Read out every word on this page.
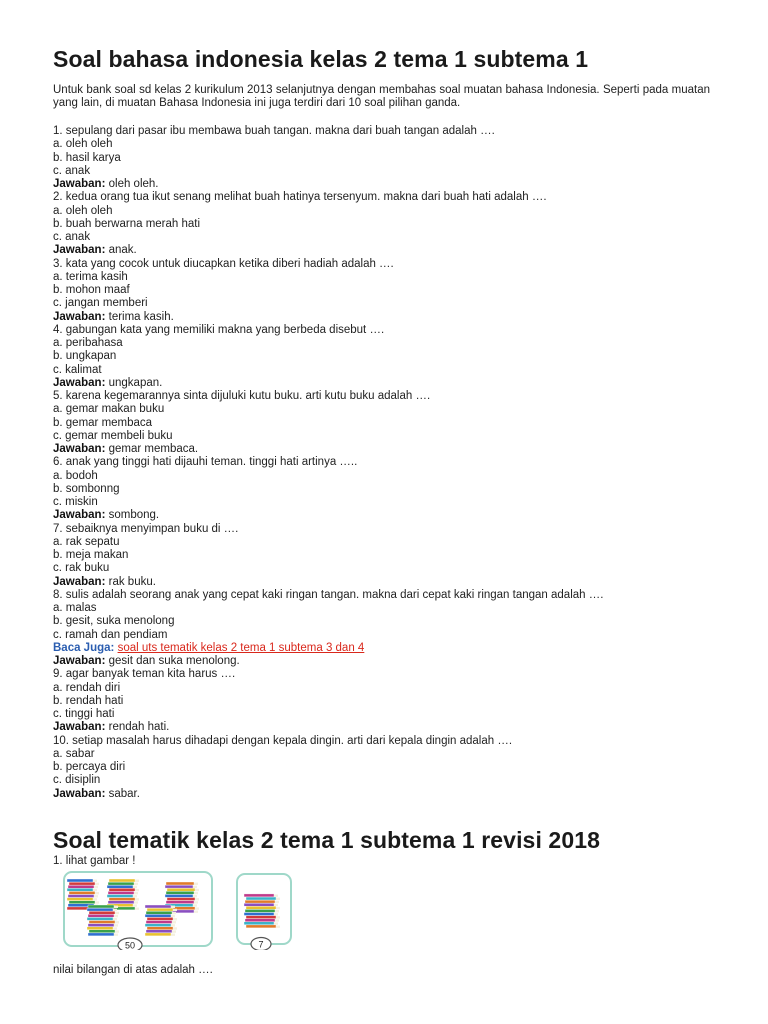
Soal bahasa indonesia kelas 2 tema 1 subtema 1

Untuk bank soal sd kelas 2 kurikulum 2013 selanjutnya dengan membahas soal muatan bahasa Indonesia. Seperti pada muatan yang lain, di muatan Bahasa Indonesia ini juga terdiri dari 10 soal pilihan ganda.

1. sepulang dari pasar ibu membawa buah tangan. makna dari buah tangan adalah ….
a. oleh oleh
b. hasil karya
c. anak
Jawaban: oleh oleh.
2. kedua orang tua ikut senang melihat buah hatinya tersenyum. makna dari buah hati adalah ….
a. oleh oleh
b. buah berwarna merah hati
c. anak
Jawaban: anak.
3. kata yang cocok untuk diucapkan ketika diberi hadiah adalah ….
a. terima kasih
b. mohon maaf
c. jangan memberi
Jawaban: terima kasih.
4. gabungan kata yang memiliki makna yang berbeda disebut ….
a. peribahasa
b. ungkapan
c. kalimat
Jawaban: ungkapan.
5. karena kegemarannya sinta dijuluki kutu buku. arti kutu buku adalah ….
a. gemar makan buku
b. gemar membaca
c. gemar membeli buku
Jawaban: gemar membaca.
6. anak yang tinggi hati dijauhi teman. tinggi hati artinya …..
a. bodoh
b. sombonng
c. miskin
Jawaban: sombong.
7. sebaiknya menyimpan buku di ….
a. rak sepatu
b. meja makan
c. rak buku
Jawaban: rak buku.
8. sulis adalah seorang anak yang cepat kaki ringan tangan. makna dari cepat kaki ringan tangan adalah ….
a. malas
b. gesit, suka menolong
c. ramah dan pendiam
Baca Juga: soal uts tematik kelas 2 tema 1 subtema 3 dan 4
Jawaban: gesit dan suka menolong.
9. agar banyak teman kita harus ….
a. rendah diri
b. rendah hati
c. tinggi hati
Jawaban: rendah hati.
10. setiap masalah harus dihadapi dengan kepala dingin. arti dari kepala dingin adalah ….
a. sabar
b. percaya diri
c. disiplin
Jawaban: sabar.
Soal tematik kelas 2 tema 1 subtema 1 revisi 2018
1. lihat gambar !
50	7
nilai bilangan di atas adalah ….
